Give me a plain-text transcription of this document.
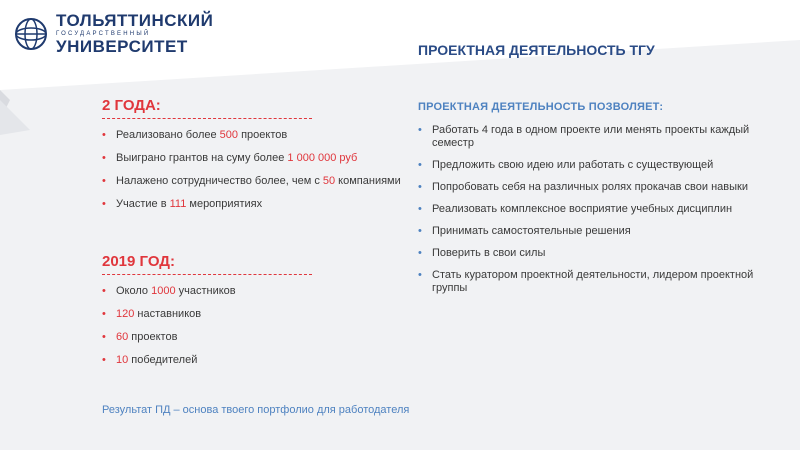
ТОЛЬЯТТИНСКИЙ
ГОСУДАРСТВЕННЫЙ
УНИВЕРСИТЕТ	ПРОЕКТНАЯ ДЕЯТЕЛЬНОСТЬ ТГУ
2 ГОДА:
• Реализовано более 500 проектов
• Выиграно грантов на суму более 1 000 000 руб
• Налажено сотрудничество более, чем с 50 компаниями
• Участие в 111 мероприятиях
2019 ГОД:
• Около 1000 участников
• 120 наставников
• 60 проектов
• 10 победителей
ПРОЕКТНАЯ ДЕЯТЕЛЬНОСТЬ ПОЗВОЛЯЕТ:
• Работать 4 года в одном проекте или менять проекты каждый семестр
• Предложить свою идею или работать с существующей
• Попробовать себя на различных ролях прокачав свои навыки
• Реализовать комплексное восприятие учебных дисциплин
• Принимать самостоятельные решения
• Поверить в свои силы
• Стать куратором проектной деятельности, лидером проектной группы
Результат ПД – основа твоего портфолио для работодателя
